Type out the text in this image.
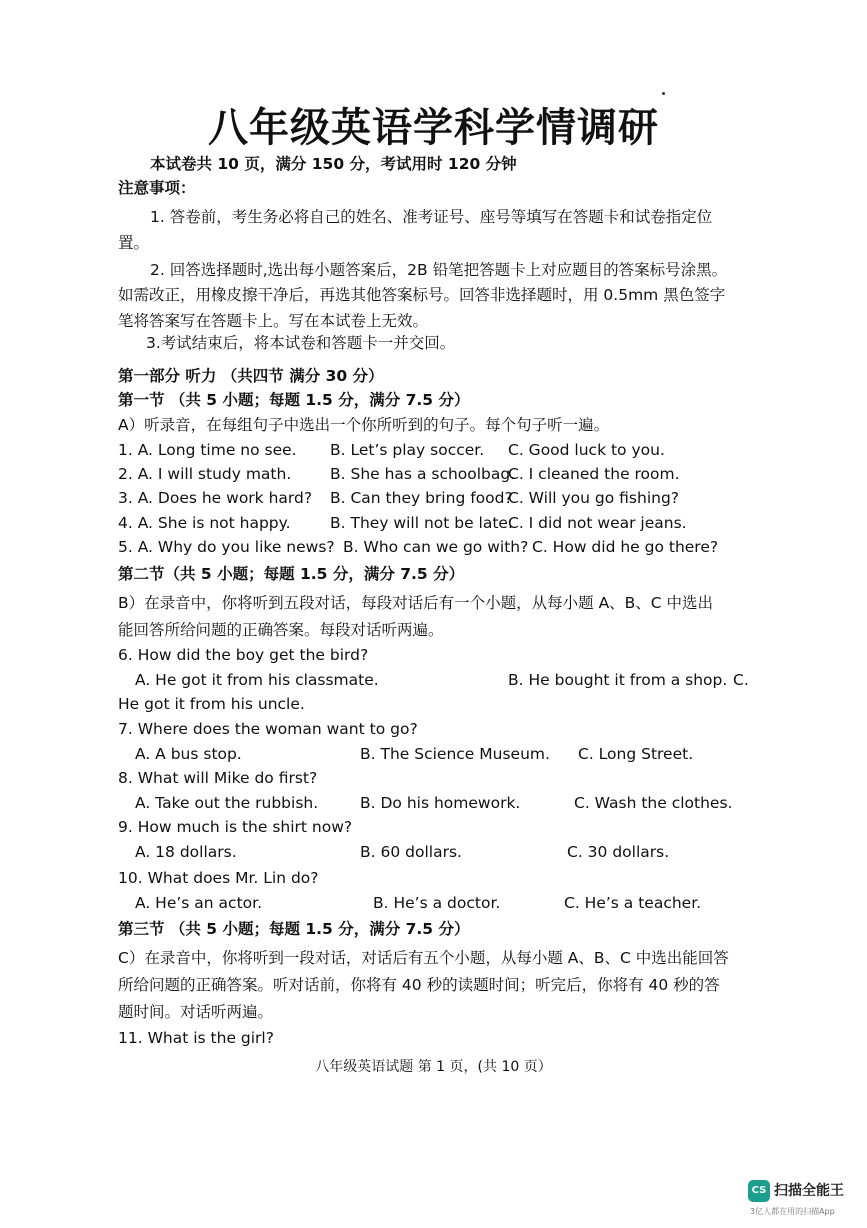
八年级英语学科学情调研
本试卷共 10 页，满分 150 分，考试用时 120 分钟
注意事项：
1. 答卷前，考生务必将自己的姓名、准考证号、座号等填写在答题卡和试卷指定位
置。
2. 回答选择题时,选出每小题答案后，2B 铅笔把答题卡上对应题目的答案标号涂黑。
如需改正，用橡皮擦干净后，再选其他答案标号。回答非选择题时，用 0.5mm 黑色签字
笔将答案写在答题卡上。写在本试卷上无效。
3.考试结束后，将本试卷和答题卡一并交回。
第一部分 听力 （共四节 满分 30 分）
第一节 （共 5 小题；每题 1.5 分，满分 7.5 分）
A）听录音，在每组句子中选出一个你所听到的句子。每个句子听一遍。
1. A. Long time no see. B. Let’s play soccer. C. Good luck to you.
2. A. I will study math. B. She has a schoolbag.
C. I cleaned the room.
3. A. Does he work hard? B. Can they bring food?
C. Will you go fishing?
4. A. She is not happy.	B. They will not be late.
C. I did not wear jeans.
5. A. Why do you like news? B. Who can we go with? C. How did he go there?
第二节（共 5 小题；每题 1.5 分，满分 7.5 分）
B）在录音中，你将听到五段对话，每段对话后有一个小题，从每小题 A、B、C 中选出
能回答所给问题的正确答案。每段对话听两遍。
6. How did the boy get the bird?
A. He got it from his classmate.	B. He bought it from a shop. C.
He got it from his uncle.
7. Where does the woman want to go?
A. A bus stop.	B. The Science Museum. C. Long Street.
8. What will Mike do first?
A. Take out the rubbish.	B. Do his homework.	C. Wash the clothes.
9. How much is the shirt now?
A. 18 dollars.	B. 60 dollars.	C. 30 dollars.
10. What does Mr. Lin do?
A. He’s an actor.	B. He’s a doctor.	C. He’s a teacher.
第三节 （共 5 小题；每题 1.5 分，满分 7.5 分）
C）在录音中，你将听到一段对话，对话后有五个小题，从每小题 A、B、C 中选出能回答
所给问题的正确答案。听对话前，你将有 40 秒的读题时间；听完后，你将有 40 秒的答
题时间。对话听两遍。
11. What is the girl?
八年级英语试题 第 1 页，(共 10 页）
CS 扫描全能王
3亿人都在用的扫描App
